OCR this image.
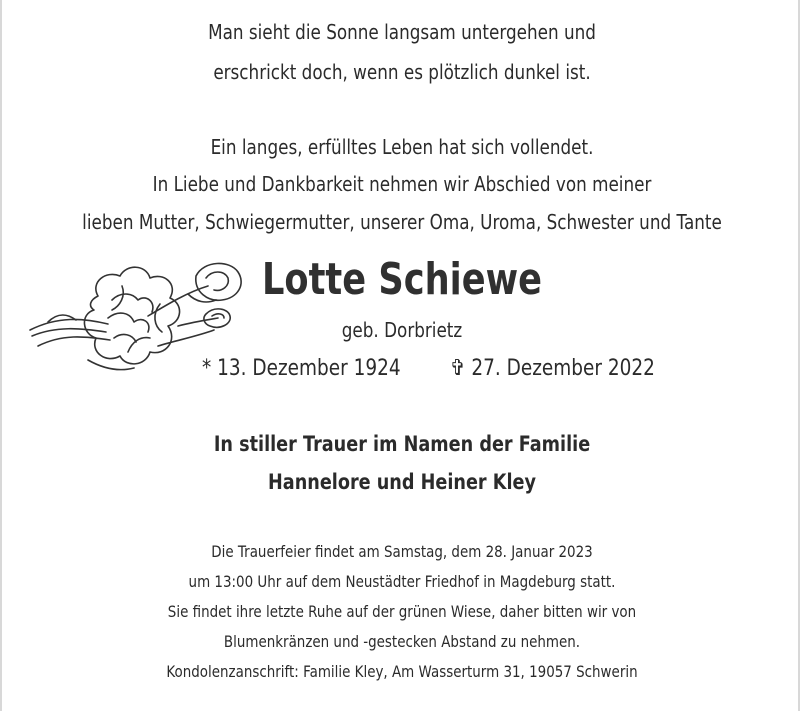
Man sieht die Sonne langsam untergehen und
erschrickt doch, wenn es plötzlich dunkel ist.
Ein langes, erfülltes Leben hat sich vollendet.
In Liebe und Dankbarkeit nehmen wir Abschied von meiner
lieben Mutter, Schwiegermutter, unserer Oma, Uroma, Schwester und Tante
Lotte Schiewe
geb. Dorbrietz
* 13. Dezember 1924 ✞ 27. Dezember 2022
In stiller Trauer im Namen der Familie
Hannelore und Heiner Kley
Die Trauerfeier findet am Samstag, dem 28. Januar 2023
um 13:00 Uhr auf dem Neustädter Friedhof in Magdeburg statt.
Sie findet ihre letzte Ruhe auf der grünen Wiese, daher bitten wir von
Blumenkränzen und -gestecken Abstand zu nehmen.
Kondolenzanschrift: Familie Kley, Am Wasserturm 31, 19057 Schwerin
